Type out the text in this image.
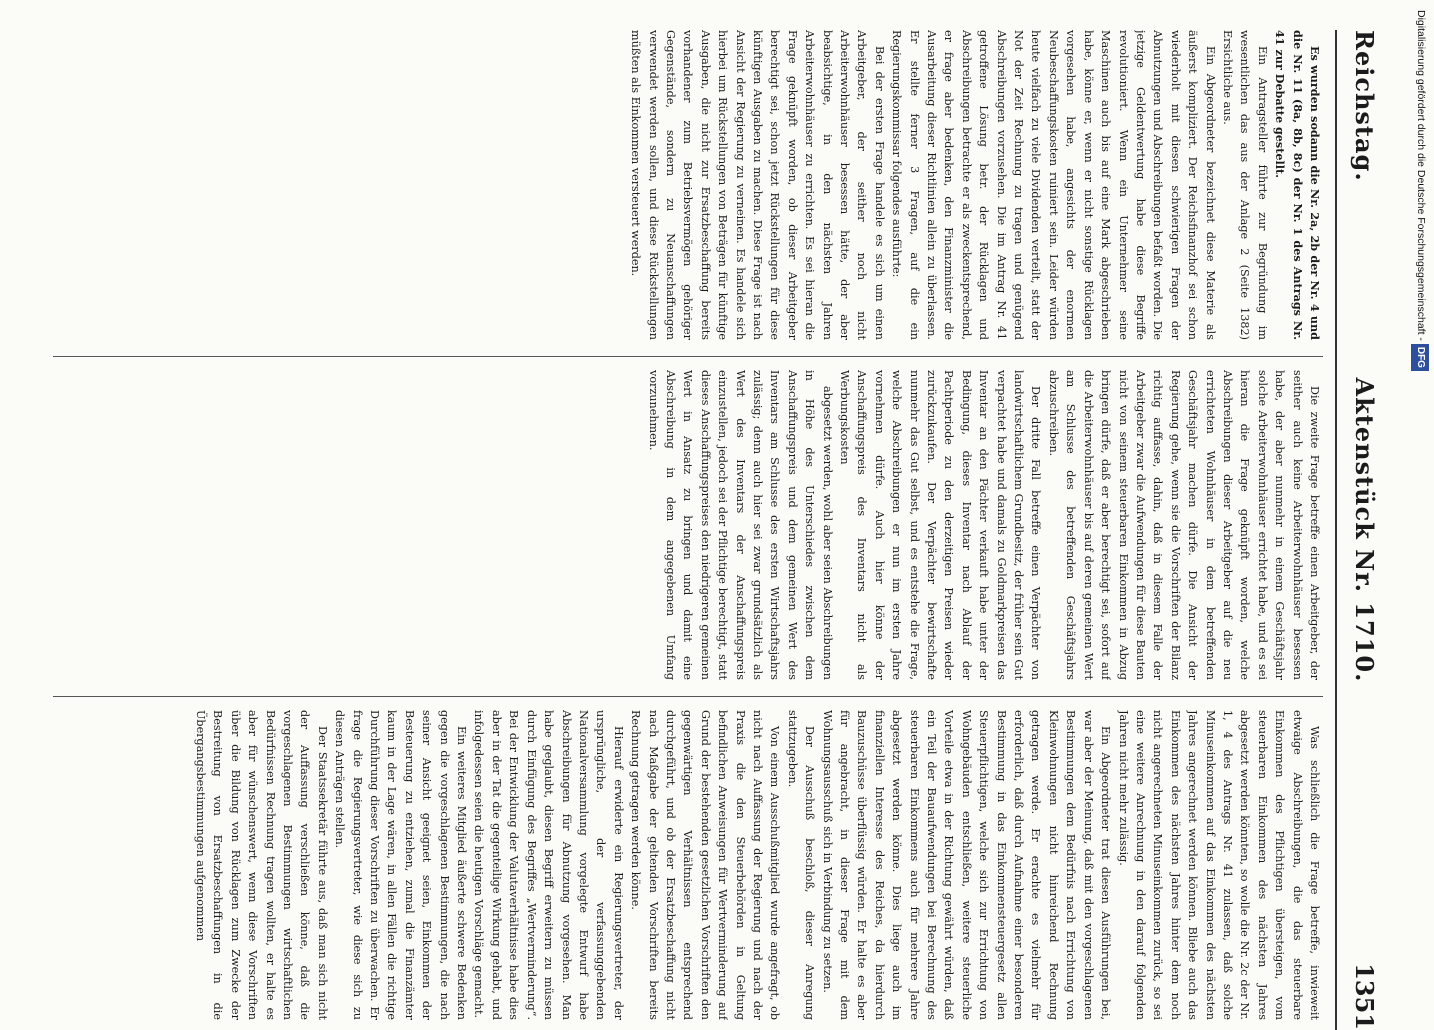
Reichstag.
Aktenstück Nr. 1710.
1351

Es wurden sodann die Nr. 2a, 2b der Nr. 4 und die Nr. 11 (8a, 8b, 8c) der Nr. 1 des Antrags Nr. 41 zur Debatte gestellt.

Ein Antragsteller führte zur Begründung im wesentlichen das aus der Anlage 2 (Seite 1382) Ersichtliche aus.

Ein Abgeordneter bezeichnet diese Materie als äußerst kompliziert. Der Reichsfinanzhof sei schon wiederholt mit diesen schwierigen Fragen der Abnutzungen und Abschreibungen befaßt worden. Die jetzige Geldentwertung habe diese Begriffe revolutioniert. Wenn ein Unternehmer seine Maschinen auch bis auf eine Mark abgeschrieben habe, könne er, wenn er nicht sonstige Rücklagen vorgesehen habe, angesichts der enormen Neubeschaffungskosten ruiniert sein. Leider würden heute vielfach zu viele Dividenden verteilt, statt der Not der Zeit Rechnung zu tragen und genügend Abschreibungen vorzusehen. Die im Antrag Nr. 41 getroffene Lösung betr. der Rücklagen und Abschreibungen betrachte er als zweckentsprechend, er frage aber bedenken, den Finanzminister die Ausarbeitung dieser Richtlinien allein zu überlassen. Er stellte ferner 3 Fragen, auf die ein Regierungskommissar folgendes ausführte:

Bei der ersten Frage handele es sich um einen Arbeitgeber, der seither noch nicht Arbeiterwohnhäuser besessen hätte, der aber beabsichtige, in den nächsten Jahren Arbeiterwohnhäuser zu errichten. Es sei hieran die Frage geknüpft worden, ob dieser Arbeitgeber berechtigt sei, schon jetzt Rückstellungen für diese künftigen Ausgaben zu machen. Diese Frage ist nach Ansicht der Regierung zu verneinen. Es handele sich hierbei um Rückstellungen von Beträgen für künftige Ausgaben, die nicht zur Ersatzbeschaffung bereits vorhandener zum Betriebsvermögen gehöriger Gegenstände, sondern zu Neuanschaffungen verwendet werden sollen, und diese Rückstellungen müßten als Einkommen versteuert werden.

Die zweite Frage betreffe einen Arbeitgeber, der seither auch keine Arbeiterwohnhäuser besessen habe, der aber nunmehr in einem Geschäftsjahr solche Arbeiterwohnhäuser errichtet habe, und es sei hieran die Frage geknüpft worden, welche Abschreibungen dieser Arbeitgeber auf die neu errichteten Wohnhäuser in dem betreffenden Geschäftsjahr machen dürfe. Die Ansicht der Regierung gehe, wenn sie die Vorschriften der Bilanz richtig auffasse, dahin, daß in diesem Falle der Arbeitgeber zwar die Aufwendungen für diese Bauten nicht von seinem steuerbaren Einkommen in Abzug bringen dürfe, daß er aber berechtigt sei, sofort auf die Arbeiterwohnhäuser bis auf deren gemeinen Wert am Schlusse des betreffenden Geschäftsjahrs abzuschreiben.

Der dritte Fall betreffe einen Verpächter von landwirtschaftlichem Grundbesitz, der früher sein Gut verpachtet habe und damals zu Goldmarkpreisen das Inventar an den Pächter verkauft habe unter der Bedingung, dieses Inventar nach Ablauf der Pachtperiode zu den derzeitigen Preisen wieder zurückzukaufen. Der Verpächter bewirtschafte nunmehr das Gut selbst, und es entstehe die Frage, welche Abschreibungen er nun im ersten Jahre vornehmen dürfe. Auch hier könne der Anschaffungspreis des Inventars nicht als Werbungskosten

abgesetzt werden, wohl aber seien Abschreibungen in Höhe des Unterschiedes zwischen dem Anschaffungspreis und dem gemeinen Wert des Inventars am Schlusse des ersten Wirtschaftsjahrs zulässig; denn auch hier sei zwar grundsätzlich als Wert des Inventars der Anschaffungspreis einzustellen, jedoch sei der Pflichtige berechtigt, statt dieses Anschaffungspreises den niedrigeren gemeinen Wert in Ansatz zu bringen und damit eine Abschreibung in dem angegebenen Umfang vorzunehmen.

Was schließlich die Frage betreffe, inwieweit etwaige Abschreibungen, die das steuerbare Einkommen des Pflichtigen übersteigen, vom steuerbaren Einkommen des nächsten Jahres abgesetzt werden könnten, so wolle die Nr. 2c der Nr. 1, 4 des Antrags Nr. 41 zulassen, daß solche Minuseinkommen auf das Einkommen des nächsten Jahres angerechnet werden können. Bliebe auch das Einkommen des nächsten Jahres hinter dem noch nicht angerechneten Minuseinkommen zurück, so sei eine weitere Anrechnung in den darauf folgenden Jahren nicht mehr zulässig.

Ein Abgeordneter trat diesen Ausführungen bei, war aber der Meinung, daß mit den vorgeschlagenen Bestimmungen dem Bedürfnis nach Errichtung von Kleinwohnungen nicht hinreichend Rechnung getragen werde. Er erachte es vielmehr für erforderlich, daß durch Aufnahme einer besonderen Bestimmung in das Einkommensteuergesetz allen Steuerpflichtigen, welche sich zur Errichtung von Wohngebäuden entschließen, weitere steuerliche Vorteile etwa in der Richtung gewährt würden, daß ein Teil der Bauaufwendungen bei Berechnung des steuerbaren Einkommens auch für mehrere Jahre abgesetzt werden könne. Dies liege auch im finanziellen Interesse des Reiches, da hierdurch Bauzuschüsse überflüssig würden. Er halte es aber für angebracht, in dieser Frage mit dem Wohnungsausschuß sich in Verbindung zu setzen.

Der Ausschuß beschloß, dieser Anregung stattzugeben.

Von einem Ausschußmitglied wurde angefragt, ob nicht nach Auffassung der Regierung und nach der Praxis die den Steuerbehörden in Geltung befindlichen Anweisungen für Wertverminderung auf Grund der bestehenden gesetzlichen Vorschriften den gegenwärtigen Verhältnissen entsprechend durchgeführt, und ob der Ersatzbeschaffung nicht nach Maßgabe der geltenden Vorschriften bereits Rechnung getragen werden könne.

Hierauf erwiderte ein Regierungsvertreter, der ursprüngliche, der verfassunggebenden Nationalversammlung vorgelegte Entwurf habe Abschreibungen für Abnutzung vorgesehen. Man habe geglaubt, diesen Begriff erweitern zu müssen durch Einfügung des Begriffes „Wertverminderung“. Bei der Entwicklung der Valutaverhältnisse habe dies aber in der Tat die gegenteilige Wirkung gehabt, und infolgedessen seien die heutigen Vorschläge gemacht.

Ein weiteres Mitglied äußerte schwere Bedenken gegen die vorgeschlagenen Bestimmungen, die nach seiner Ansicht geeignet seien, Einkommen der Besteuerung zu entziehen, zumal die Finanzämter kaum in der Lage wären, in allen Fällen die richtige Durchführung dieser Vorschriften zu überwachen. Er frage die Regierungsvertreter, wie diese sich zu diesen Anträgen stellen.

Der Staatssekretär führte aus, daß man sich nicht der Auffassung verschließen könne, daß die vorgeschlagenen Bestimmungen wirtschaftlichen Bedürfnissen Rechnung tragen wollten, er halte es aber für wünschenswert, wenn diese Vorschriften über die Bildung von Rücklagen zum Zwecke der Bestreitung von Ersatzbeschaffungen in die Übergangsbestimmungen aufgenommen

Digitalisierung gefördert durch die Deutsche Forschungsgemeinschaft - DFG
